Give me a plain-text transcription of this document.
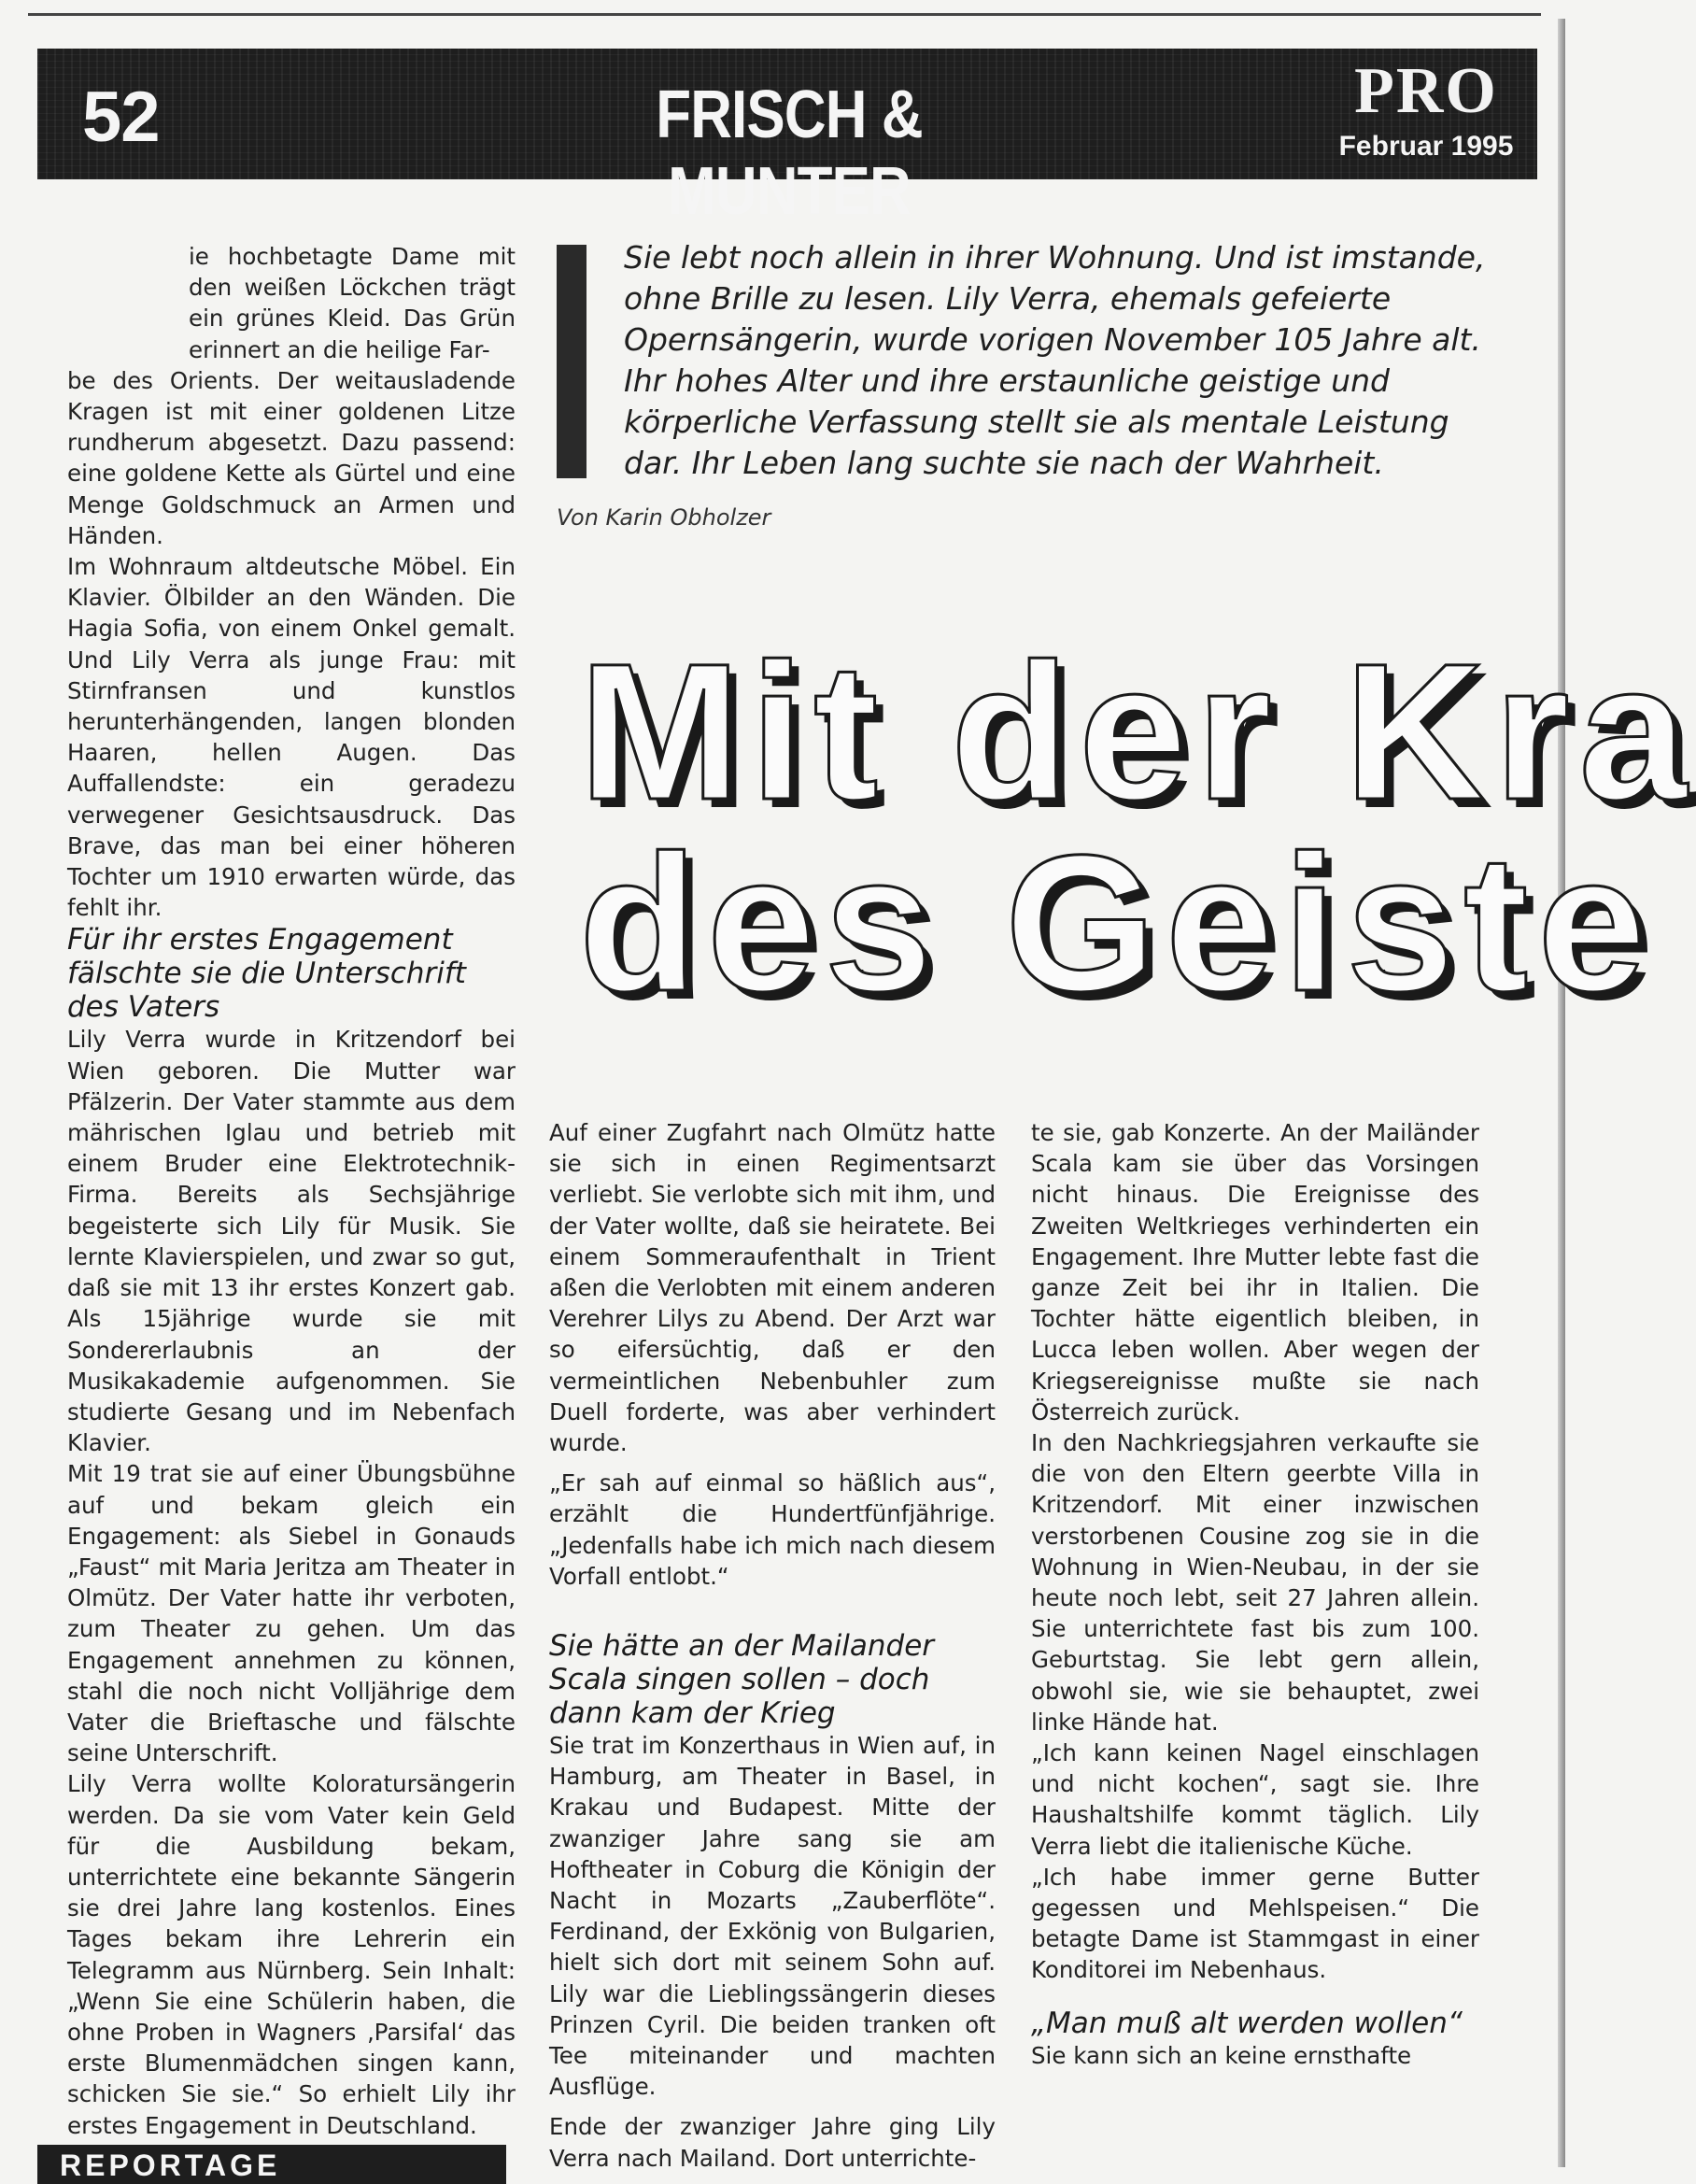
52	FRISCH & MUNTER
PRO
Februar 1995
Sie lebt noch allein in ihrer Wohnung. Und ist imstande, ohne Brille zu lesen. Lily Verra, ehemals gefeierte Opernsängerin, wurde vorigen November 105 Jahre alt. Ihr hohes Alter und ihre erstaunliche geistige und körperliche Verfassung stellt sie als mentale Leistung dar. Ihr Leben lang suchte sie nach der Wahrheit.
Von Karin Obholzer
Mit der Kra
des Geiste

ie hochbetagte Dame mit den weißen Löckchen trägt ein grünes Kleid. Das Grün erinnert an die heilige Far-

be des Orients. Der weitausladende Kragen ist mit einer goldenen Litze rundherum abgesetzt. Dazu passend: eine goldene Kette als Gürtel und eine Menge Goldschmuck an Armen und Händen.

Im Wohnraum altdeutsche Möbel. Ein Klavier. Ölbilder an den Wänden. Die Hagia Sofia, von einem Onkel gemalt. Und Lily Verra als junge Frau: mit Stirnfransen und kunstlos herunterhängenden, langen blonden Haaren, hellen Augen. Das Auffallendste: ein geradezu verwegener Gesichtsausdruck. Das Brave, das man bei einer höheren Tochter um 1910 erwarten würde, das fehlt ihr.

Für ihr erstes Engagement fälschte sie die Unterschrift des Vaters

Lily Verra wurde in Kritzendorf bei Wien geboren. Die Mutter war Pfälzerin. Der Vater stammte aus dem mährischen Iglau und betrieb mit einem Bruder eine Elektrotechnik-Firma. Bereits als Sechsjährige begeisterte sich Lily für Musik. Sie lernte Klavierspielen, und zwar so gut, daß sie mit 13 ihr erstes Konzert gab. Als 15jährige wurde sie mit Sondererlaubnis an der Musikakademie aufgenommen. Sie studierte Gesang und im Nebenfach Klavier.

Mit 19 trat sie auf einer Übungsbühne auf und bekam gleich ein Engagement: als Siebel in Gonauds „Faust“ mit Maria Jeritza am Theater in Olmütz. Der Vater hatte ihr verboten, zum Theater zu gehen. Um das Engagement annehmen zu können, stahl die noch nicht Volljährige dem Vater die Brieftasche und fälschte seine Unterschrift.

Lily Verra wollte Koloratursängerin werden. Da sie vom Vater kein Geld für die Ausbildung bekam, unterrichtete eine bekannte Sängerin sie drei Jahre lang kostenlos. Eines Tages bekam ihre Lehrerin ein Telegramm aus Nürnberg. Sein Inhalt: „Wenn Sie eine Schülerin haben, die ohne Proben in Wagners ‚Parsifal‘ das erste Blumenmädchen singen kann, schicken Sie sie.“ So erhielt Lily ihr erstes Engagement in Deutschland.

Auf einer Zugfahrt nach Olmütz hatte sie sich in einen Regimentsarzt verliebt. Sie verlobte sich mit ihm, und der Vater wollte, daß sie heiratete. Bei einem Sommeraufenthalt in Trient aßen die Verlobten mit einem anderen Verehrer Lilys zu Abend. Der Arzt war so eifersüchtig, daß er den vermeintlichen Nebenbuhler zum Duell forderte, was aber verhindert wurde.

„Er sah auf einmal so häßlich aus“, erzählt die Hundertfünfjährige. „Jedenfalls habe ich mich nach diesem Vorfall entlobt.“

Sie hätte an der Mailander Scala singen sollen – doch dann kam der Krieg

Sie trat im Konzerthaus in Wien auf, in Hamburg, am Theater in Basel, in Krakau und Budapest. Mitte der zwanziger Jahre sang sie am Hoftheater in Coburg die Königin der Nacht in Mozarts „Zauberflöte“. Ferdinand, der Exkönig von Bulgarien, hielt sich dort mit seinem Sohn auf. Lily war die Lieblingssängerin dieses Prinzen Cyril. Die beiden tranken oft Tee miteinander und machten Ausflüge.

Ende der zwanziger Jahre ging Lily Verra nach Mailand. Dort unterrichte-

te sie, gab Konzerte. An der Mailänder Scala kam sie über das Vorsingen nicht hinaus. Die Ereignisse des Zweiten Weltkrieges verhinderten ein Engagement. Ihre Mutter lebte fast die ganze Zeit bei ihr in Italien. Die Tochter hätte eigentlich bleiben, in Lucca leben wollen. Aber wegen der Kriegsereignisse mußte sie nach Österreich zurück.

In den Nachkriegsjahren verkaufte sie die von den Eltern geerbte Villa in Kritzendorf. Mit einer inzwischen verstorbenen Cousine zog sie in die Wohnung in Wien-Neubau, in der sie heute noch lebt, seit 27 Jahren allein. Sie unterrichtete fast bis zum 100. Geburtstag. Sie lebt gern allein, obwohl sie, wie sie behauptet, zwei linke Hände hat.

„Ich kann keinen Nagel einschlagen und nicht kochen“, sagt sie. Ihre Haushaltshilfe kommt täglich. Lily Verra liebt die italienische Küche.

„Ich habe immer gerne Butter gegessen und Mehlspeisen.“ Die betagte Dame ist Stammgast in einer Konditorei im Nebenhaus.

„Man muß alt werden wollen“

Sie kann sich an keine ernsthafte

REPORTAGE
